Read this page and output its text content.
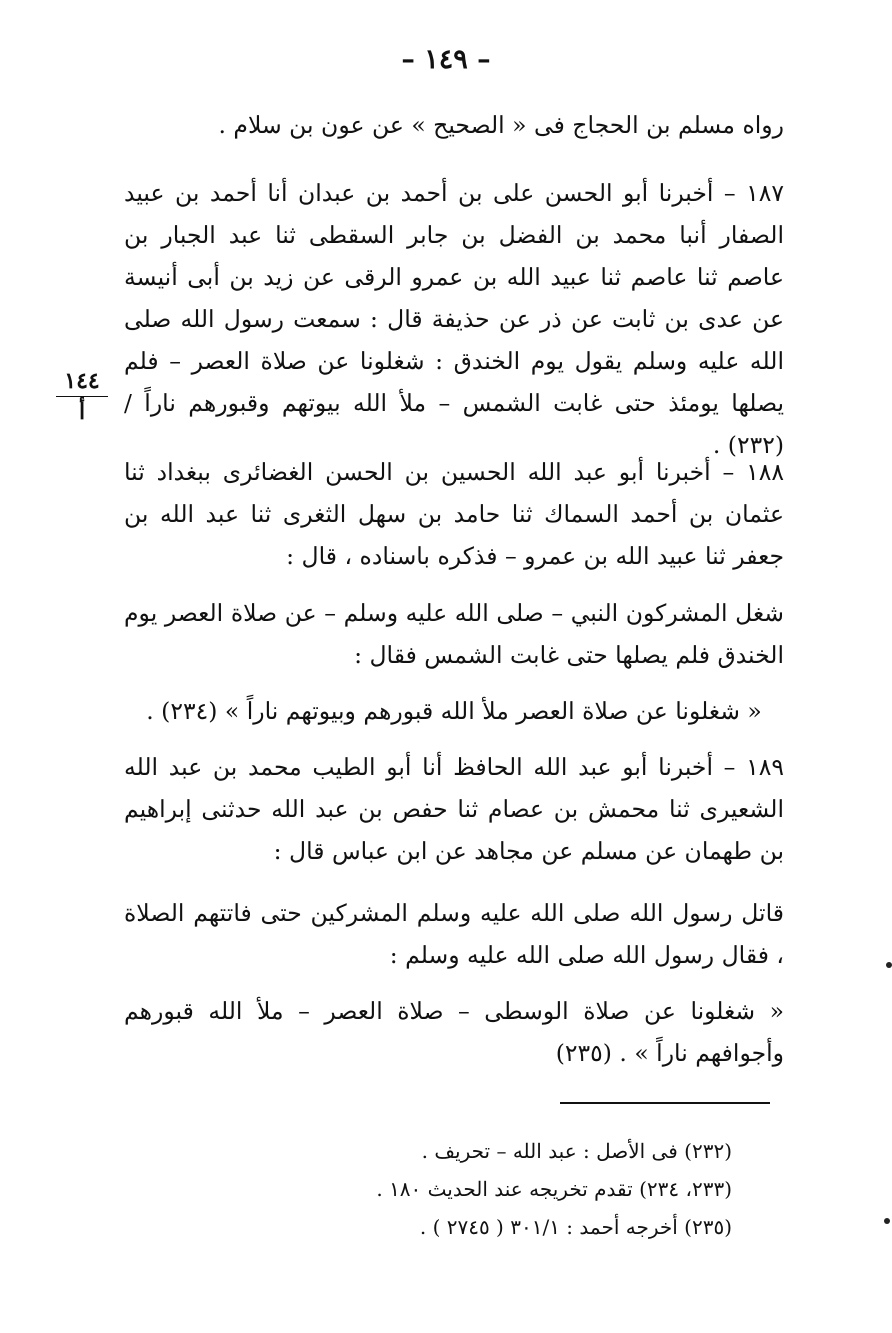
– ١٤٩ –

رواه مسلم بن الحجاج فى « الصحيح » عن عون بن سلام .

١٨٧ – أخبرنا أبو الحسن على بن أحمد بن عبدان أنا أحمد بن عبيد الصفار أنبا محمد بن الفضل بن جابر السقطى ثنا عبد الجبار بن عاصم ثنا عاصم ثنا عبيد الله بن عمرو الرقى عن زيد بن أبى أنيسة عن عدى بن ثابت عن ذر عن حذيفة قال : سمعت رسول الله صلى الله عليه وسلم يقول يوم الخندق : شغلونا عن صلاة العصر – فلم يصلها يومئذ حتى غابت الشمس – ملأ الله بيوتهم وقبورهم ناراً / (٢٣٢) .

١٤٤
أ

١٨٨ – أخبرنا أبو عبد الله الحسين بن الحسن الغضائرى ببغداد ثنا عثمان بن أحمد السماك ثنا حامد بن سهل الثغرى ثنا عبد الله بن جعفر ثنا عبيد الله بن عمرو – فذكره باسناده ، قال :

شغل المشركون النبي – صلى الله عليه وسلم – عن صلاة العصر يوم الخندق فلم يصلها حتى غابت الشمس فقال :

« شغلونا عن صلاة العصر ملأ الله قبورهم وبيوتهم ناراً » (٢٣٤) .

١٨٩ – أخبرنا أبو عبد الله الحافظ أنا أبو الطيب محمد بن عبد الله الشعيرى ثنا محمش بن عصام ثنا حفص بن عبد الله حدثنى إبراهيم بن طهمان عن مسلم عن مجاهد عن ابن عباس قال :

قاتل رسول الله صلى الله عليه وسلم المشركين حتى فاتتهم الصلاة ، فقال رسول الله صلى الله عليه وسلم :

« شغلونا عن صلاة الوسطى – صلاة العصر – ملأ الله قبورهم وأجوافهم ناراً » . (٢٣٥)

(٢٣٢) فى الأصل : عبد الله – تحريف .

(٢٣٣، ٢٣٤) تقدم تخريجه عند الحديث ١٨٠ .

(٢٣٥) أخرجه أحمد : ٣٠١/١ ( ٢٧٤٥ ) .
